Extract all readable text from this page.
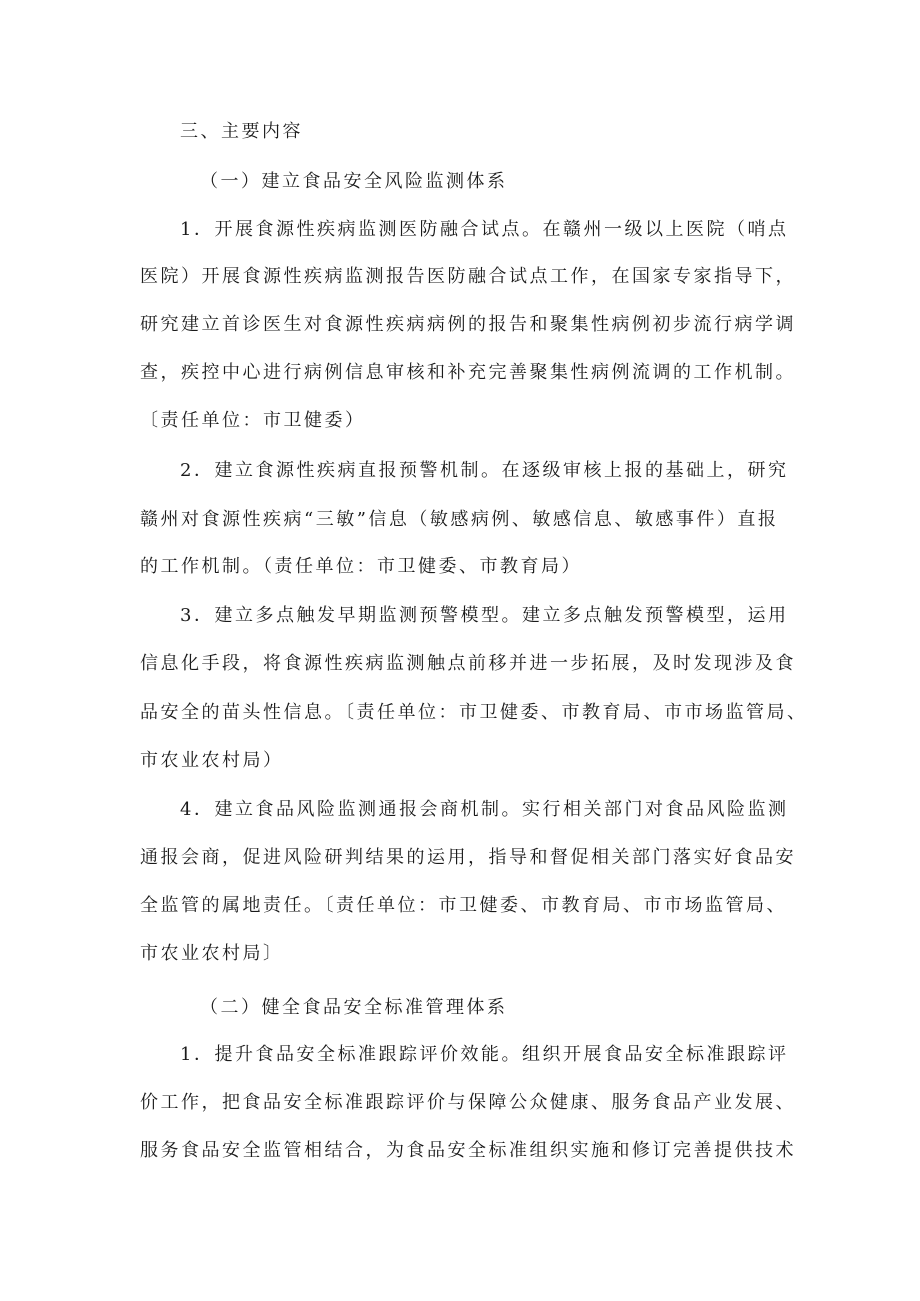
三、主要内容
（一）建立食品安全风险监测体系
1．开展食源性疾病监测医防融合试点。在赣州一级以上医院（哨点
医院）开展食源性疾病监测报告医防融合试点工作，在国家专家指导下，
研究建立首诊医生对食源性疾病病例的报告和聚集性病例初步流行病学调
查，疾控中心进行病例信息审核和补充完善聚集性病例流调的工作机制。
〔责任单位：市卫健委）
2．建立食源性疾病直报预警机制。在逐级审核上报的基础上，研究
赣州对食源性疾病“三敏”信息（敏感病例、敏感信息、敏感事件）直报
的工作机制。（责任单位：市卫健委、市教育局）
3．建立多点触发早期监测预警模型。建立多点触发预警模型，运用
信息化手段，将食源性疾病监测触点前移并进一步拓展，及时发现涉及食
品安全的苗头性信息。〔责任单位：市卫健委、市教育局、市市场监管局、
市农业农村局）
4．建立食品风险监测通报会商机制。实行相关部门对食品风险监测
通报会商，促进风险研判结果的运用，指导和督促相关部门落实好食品安
全监管的属地责任。〔责任单位：市卫健委、市教育局、市市场监管局、
市农业农村局〕
（二）健全食品安全标准管理体系
1．提升食品安全标准跟踪评价效能。组织开展食品安全标准跟踪评
价工作，把食品安全标准跟踪评价与保障公众健康、服务食品产业发展、
服务食品安全监管相结合，为食品安全标准组织实施和修订完善提供技术
